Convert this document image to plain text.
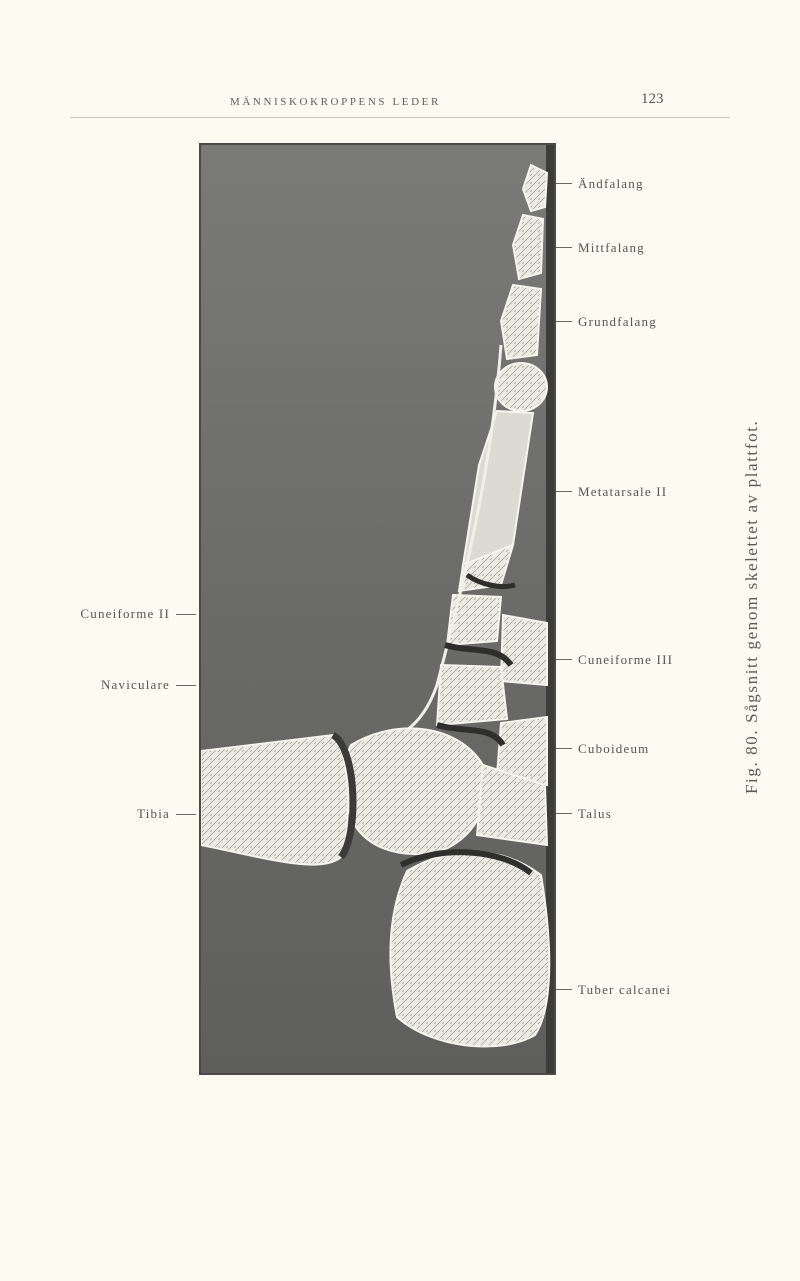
MÄNNISKOKROPPENS LEDER	123
Ändfalang
Mittfalang
Grundfalang
Metatarsale II
Cuneiforme III
Cuboideum
Talus
Tuber calcanei
Cuneiforme II
Naviculare
Tibia
Fig. 80. Sågsnitt genom skelettet av plattfot.
